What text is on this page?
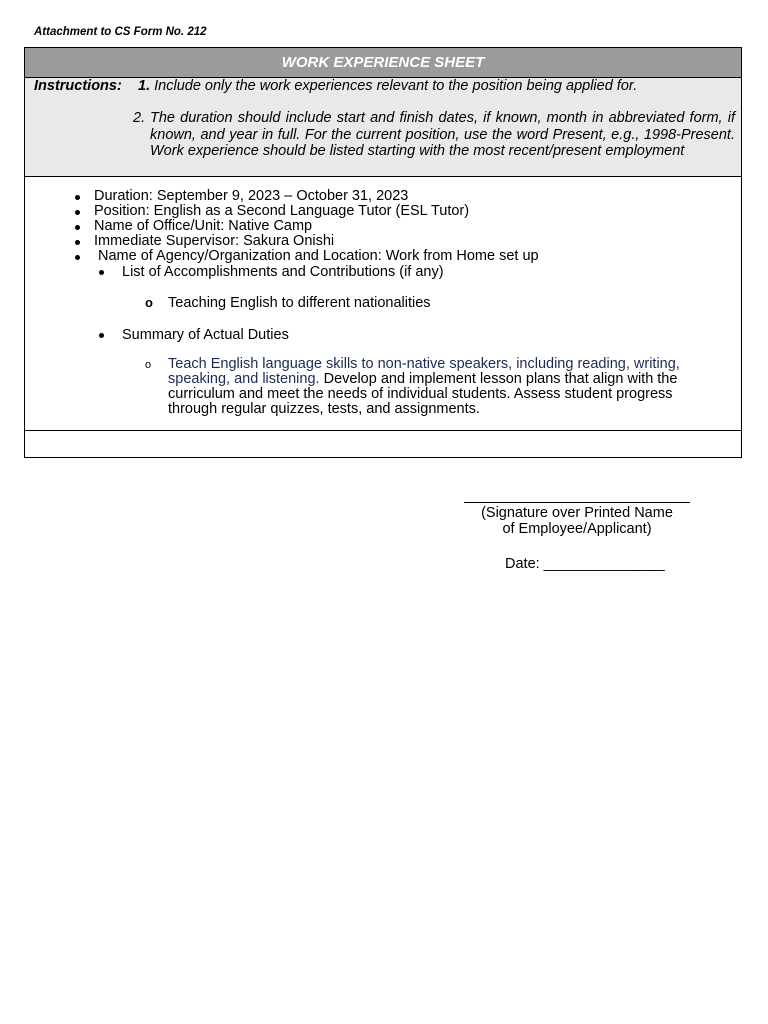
Attachment to CS Form No. 212
WORK EXPERIENCE SHEET
Instructions: 1. Include only the work experiences relevant to the position being applied for.
2. The duration should include start and finish dates, if known, month in abbreviated form, if known, and year in full. For the current position, use the word Present, e.g., 1998-Present. Work experience should be listed starting with the most recent/present employment
Duration: September 9, 2023 – October 31, 2023
Position: English as a Second Language Tutor (ESL Tutor)
Name of Office/Unit: Native Camp
Immediate Supervisor: Sakura Onishi
Name of Agency/Organization and Location: Work from Home set up
List of Accomplishments and Contributions (if any)
o Teaching English to different nationalities
Summary of Actual Duties
o Teach English language skills to non-native speakers, including reading, writing, speaking, and listening. Develop and implement lesson plans that align with the curriculum and meet the needs of individual students. Assess student progress through regular quizzes, tests, and assignments.
(Signature over Printed Name
of Employee/Applicant)
Date: _______________
